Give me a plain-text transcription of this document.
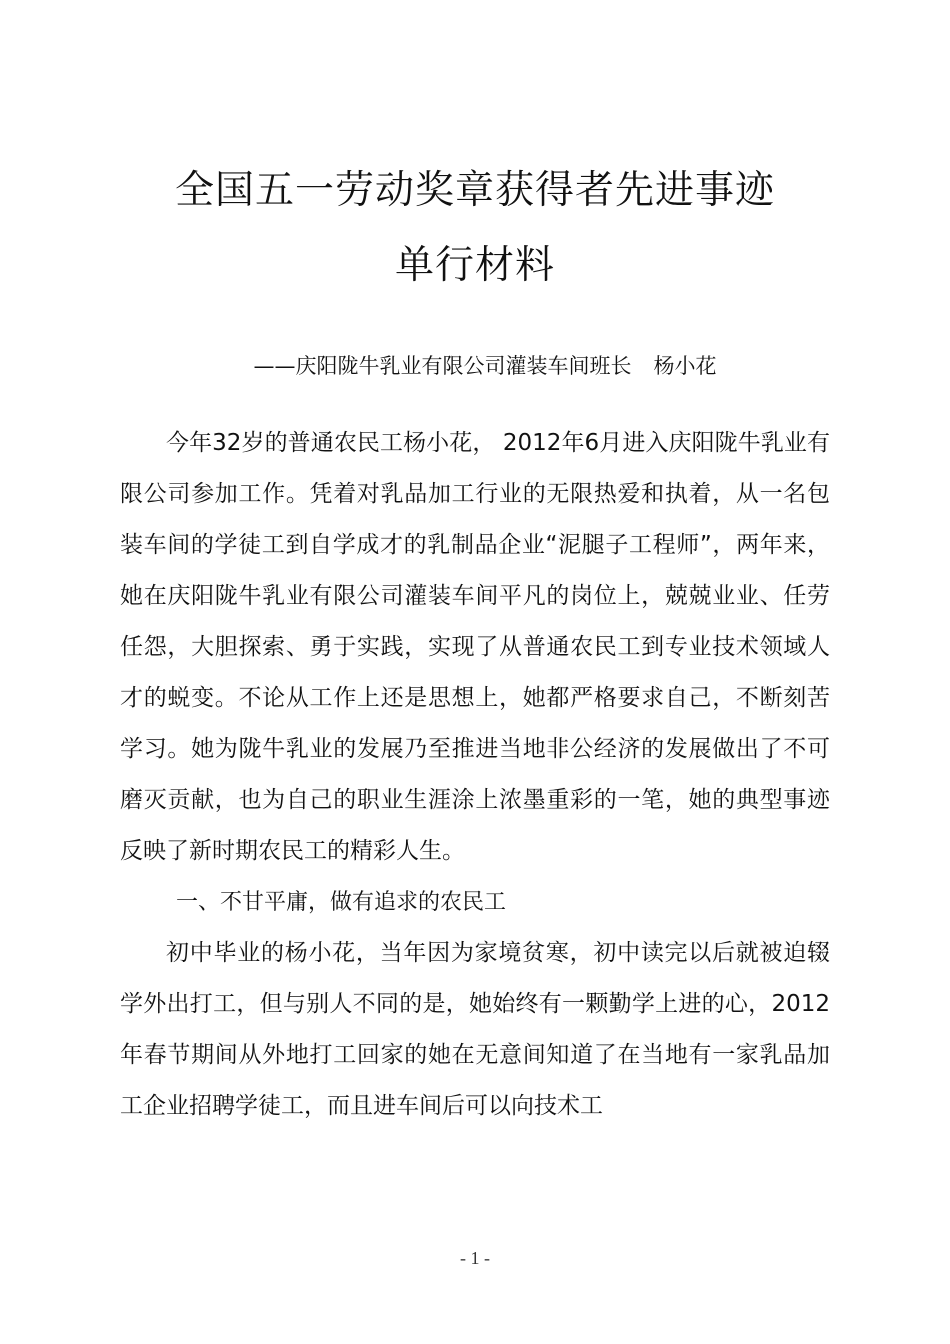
全国五一劳动奖章获得者先进事迹
单行材料
——庆阳陇牛乳业有限公司灌装车间班长 杨小花

今年32岁的普通农民工杨小花， 2012年6月进入庆阳陇牛乳业有限公司参加工作。凭着对乳品加工行业的无限热爱和执着，从一名包装车间的学徒工到自学成才的乳制品企业“泥腿子工程师”，两年来，她在庆阳陇牛乳业有限公司灌装车间平凡的岗位上，兢兢业业、任劳任怨，大胆探索、勇于实践，实现了从普通农民工到专业技术领域人才的蜕变。不论从工作上还是思想上，她都严格要求自己，不断刻苦学习。她为陇牛乳业的发展乃至推进当地非公经济的发展做出了不可磨灭贡献，也为自己的职业生涯涂上浓墨重彩的一笔，她的典型事迹反映了新时期农民工的精彩人生。

一、不甘平庸，做有追求的农民工

初中毕业的杨小花，当年因为家境贫寒，初中读完以后就被迫辍学外出打工，但与别人不同的是，她始终有一颗勤学上进的心，2012 年春节期间从外地打工回家的她在无意间知道了在当地有一家乳品加工企业招聘学徒工，而且进车间后可以向技术工

- 1 -
